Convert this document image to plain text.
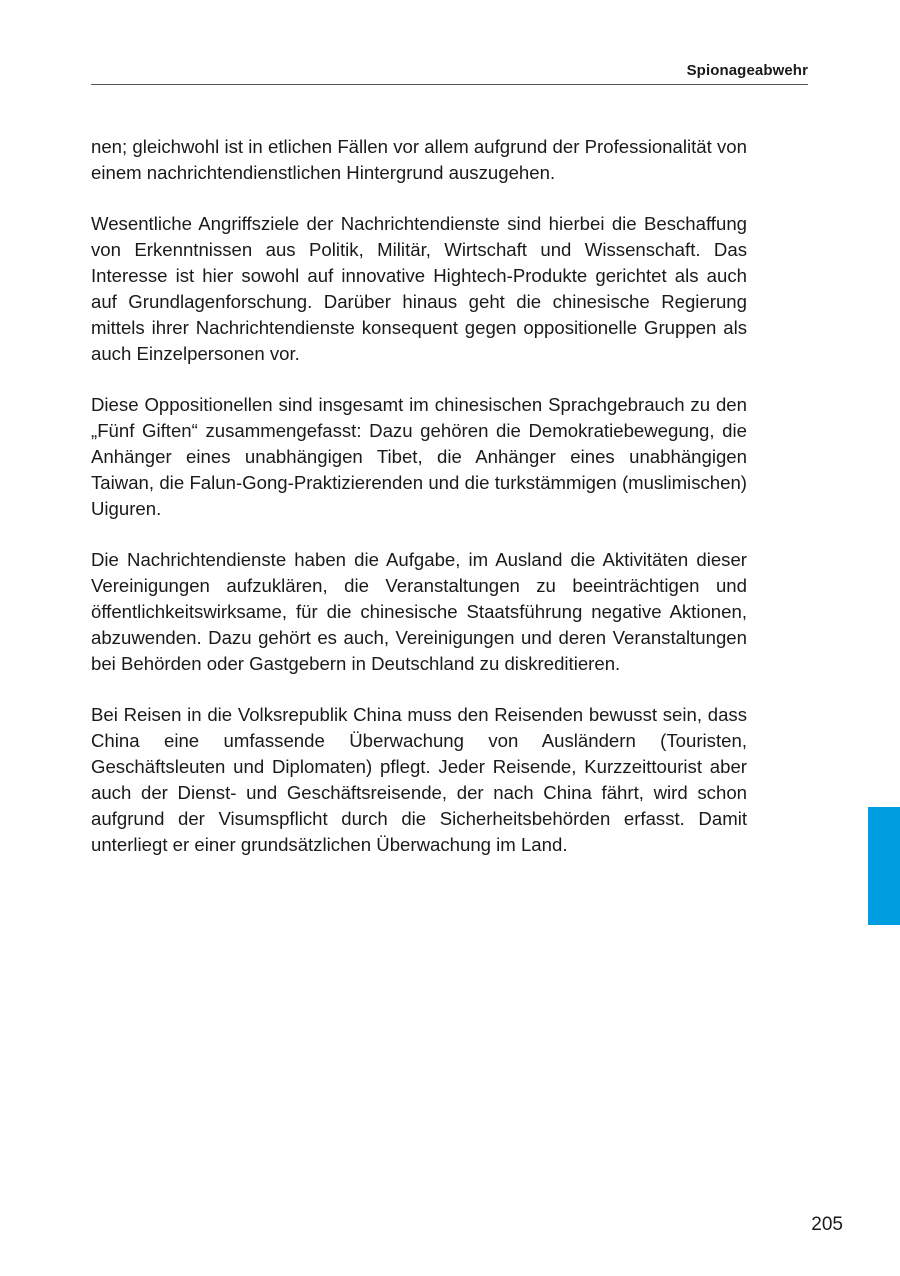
Spionageabwehr

nen; gleichwohl ist in etlichen Fällen vor allem aufgrund der Professionalität von einem nachrichtendienstlichen Hintergrund auszugehen.

Wesentliche Angriffsziele der Nachrichtendienste sind hierbei die Beschaffung von Erkenntnissen aus Politik, Militär, Wirtschaft und Wissenschaft. Das Interesse ist hier sowohl auf innovative Hightech-Produkte gerichtet als auch auf Grundlagenforschung. Darüber hinaus geht die chinesische Regierung mittels ihrer Nachrichtendienste konsequent gegen oppositionelle Gruppen als auch Einzelpersonen vor.

Diese Oppositionellen sind insgesamt im chinesischen Sprachgebrauch zu den „Fünf Giften“ zusammengefasst: Dazu gehören die Demokratiebewegung, die Anhänger eines unabhängigen Tibet, die Anhänger eines unabhängigen Taiwan, die Falun-Gong-Praktizierenden und die turkstämmigen (muslimischen) Uiguren.

Die Nachrichtendienste haben die Aufgabe, im Ausland die Aktivitäten dieser Vereinigungen aufzuklären, die Veranstaltungen zu beeinträchtigen und öffentlichkeitswirksame, für die chinesische Staatsführung negative Aktionen, abzuwenden. Dazu gehört es auch, Vereinigungen und deren Veranstaltungen bei Behörden oder Gastgebern in Deutschland zu diskreditieren.

Bei Reisen in die Volksrepublik China muss den Reisenden bewusst sein, dass China eine umfassende Überwachung von Ausländern (Touristen, Geschäftsleuten und Diplomaten) pflegt. Jeder Reisende, Kurzzeittourist aber auch der Dienst- und Geschäftsreisende, der nach China fährt, wird schon aufgrund der Visumspflicht durch die Sicherheitsbehörden erfasst. Damit unterliegt er einer grundsätzlichen Überwachung im Land.

205
